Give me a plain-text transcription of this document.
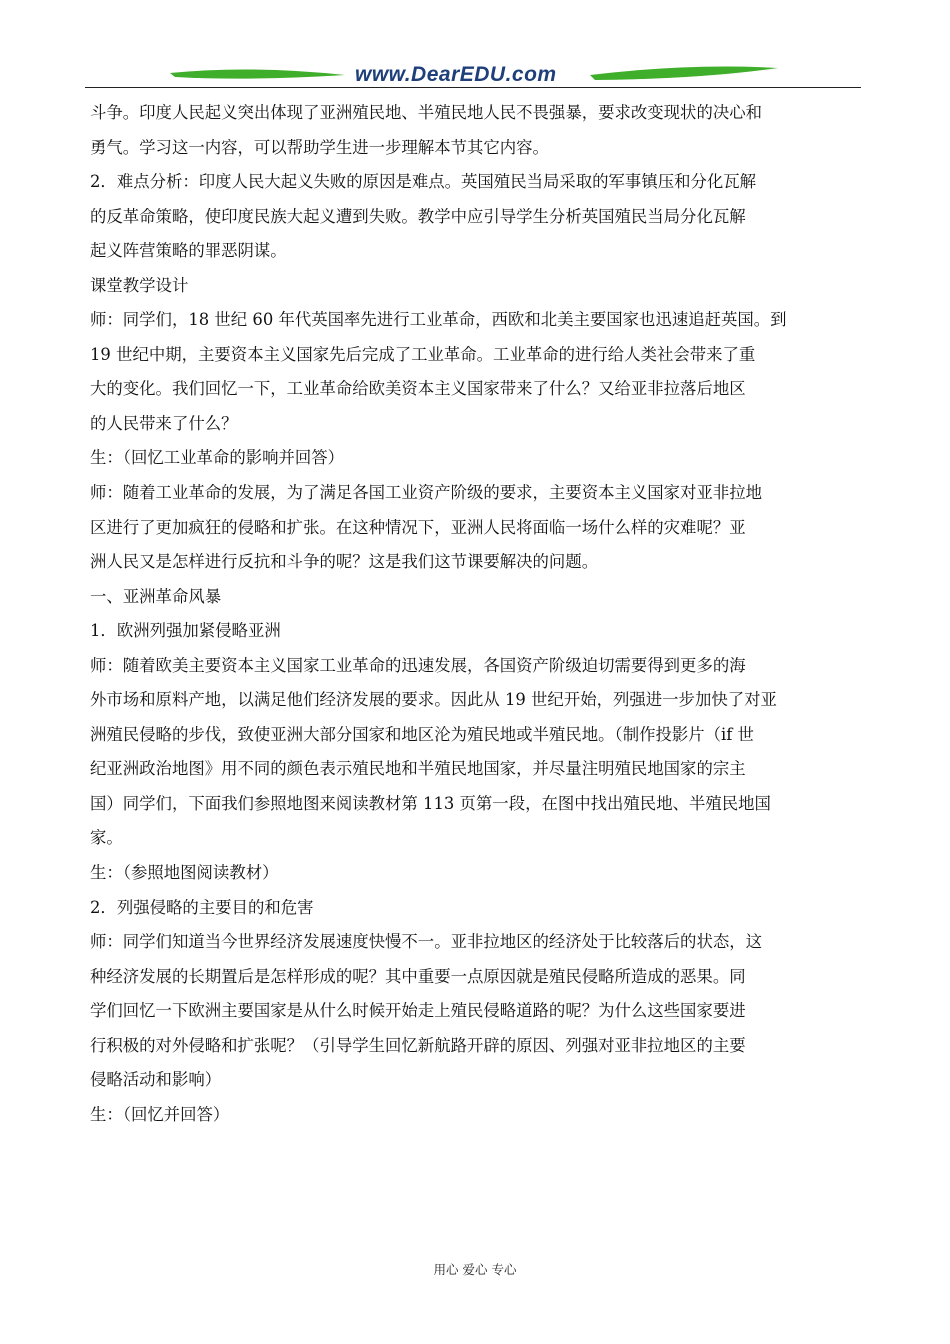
www.DearEDU.com
斗争。印度人民起义突出体现了亚洲殖民地、半殖民地人民不畏强暴，要求改变现状的决心和
勇气。学习这一内容，可以帮助学生进一步理解本节其它内容。
2．难点分析：印度人民大起义失败的原因是难点。英国殖民当局采取的军事镇压和分化瓦解
的反革命策略，使印度民族大起义遭到失败。教学中应引导学生分析英国殖民当局分化瓦解
起义阵营策略的罪恶阴谋。
课堂教学设计
师：同学们，18 世纪 60 年代英国率先进行工业革命，西欧和北美主要国家也迅速追赶英国。到
19 世纪中期，主要资本主义国家先后完成了工业革命。工业革命的进行给人类社会带来了重
大的变化。我们回忆一下，工业革命给欧美资本主义国家带来了什么？又给亚非拉落后地区
的人民带来了什么？
生：（回忆工业革命的影响并回答）
师：随着工业革命的发展，为了满足各国工业资产阶级的要求，主要资本主义国家对亚非拉地
区进行了更加疯狂的侵略和扩张。在这种情况下，亚洲人民将面临一场什么样的灾难呢？亚
洲人民又是怎样进行反抗和斗争的呢？这是我们这节课要解决的问题。
一、亚洲革命风暴
1．欧洲列强加紧侵略亚洲
师：随着欧美主要资本主义国家工业革命的迅速发展，各国资产阶级迫切需要得到更多的海
外市场和原料产地，以满足他们经济发展的要求。因此从 19 世纪开始，列强进一步加快了对亚
洲殖民侵略的步伐，致使亚洲大部分国家和地区沦为殖民地或半殖民地。（制作投影片（if 世
纪亚洲政治地图》用不同的颜色表示殖民地和半殖民地国家，并尽量注明殖民地国家的宗主
国）同学们，下面我们参照地图来阅读教材第 113 页第一段，在图中找出殖民地、半殖民地国
家。
生：（参照地图阅读教材）
2．列强侵略的主要目的和危害
师：同学们知道当今世界经济发展速度快慢不一。亚非拉地区的经济处于比较落后的状态，这
种经济发展的长期置后是怎样形成的呢？其中重要一点原因就是殖民侵略所造成的恶果。同
学们回忆一下欧洲主要国家是从什么时候开始走上殖民侵略道路的呢？为什么这些国家要进
行积极的对外侵略和扩张呢？（引导学生回忆新航路开辟的原因、列强对亚非拉地区的主要
侵略活动和影响）
生：（回忆并回答）
用心 爱心 专心
